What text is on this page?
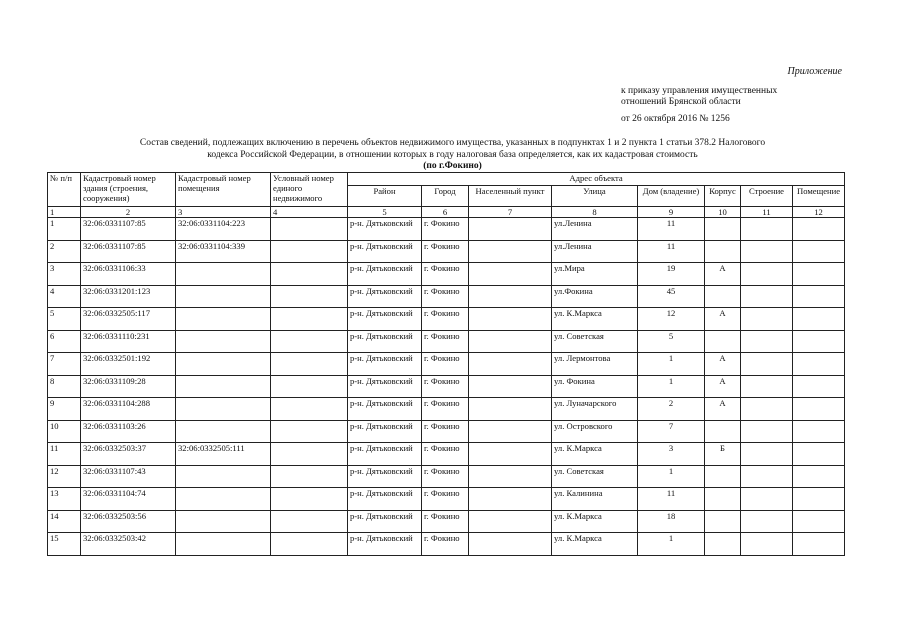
Приложение
к приказу управления имущественных
отношений Брянской области
от 26 октября 2016 № 1256
Состав сведений, подлежащих включению в перечень объектов недвижимого имущества, указанных в подпунктах 1 и 2 пункта 1 статьи 378.2 Налогового
кодекса Российской Федерации, в отношении которых в году налоговая база определяется, как их кадастровая стоимость
(по г.Фокино)
№ п/п	Кадастровый номер здания (строения, сооружения)	Кадастровый номер помещения	Условный номер единого недвижимого	Адрес объекта							
				Район	Город	Населенный пункт	Улица	Дом (владение)	Корпус	Строение	Помещение
1	2	3	4	5	6	7	8	9	10	11	12
1	32:06:0331107:85	32:06:0331104:223		р-н. Дятьковский	г. Фокино		ул.Ленина	11			
2	32:06:0331107:85	32:06:0331104:339		р-н. Дятьковский	г. Фокино		ул.Ленина	11			
3	32:06:0331106:33			р-н. Дятьковский	г. Фокино		ул.Мира	19	А		
4	32:06:0331201:123			р-н. Дятьковский	г. Фокино		ул.Фокина	45			
5	32:06:0332505:117			р-н. Дятьковский	г. Фокино		ул. К.Маркса	12	А		
6	32:06:0331110:231			р-н. Дятьковский	г. Фокино		ул. Советская	5			
7	32:06:0332501:192			р-н. Дятьковский	г. Фокино		ул. Лермонтова	1	А		
8	32:06:0331109:28			р-н. Дятьковский	г. Фокино		ул. Фокина	1	А		
9	32:06:0331104:288			р-н. Дятьковский	г. Фокино		ул. Луначарского	2	А		
10	32:06:0331103:26			р-н. Дятьковский	г. Фокино		ул. Островского	7			
11	32:06:0332503:37	32:06:0332505:111		р-н. Дятьковский	г. Фокино		ул. К.Маркса	3	Б		
12	32:06:0331107:43			р-н. Дятьковский	г. Фокино		ул. Советская	1			
13	32:06:0331104:74			р-н. Дятьковский	г. Фокино		ул. Калинина	11			
14	32:06:0332503:56			р-н. Дятьковский	г. Фокино		ул. К.Маркса	18			
15	32:06:0332503:42			р-н. Дятьковский	г. Фокино		ул. К.Маркса	1			
